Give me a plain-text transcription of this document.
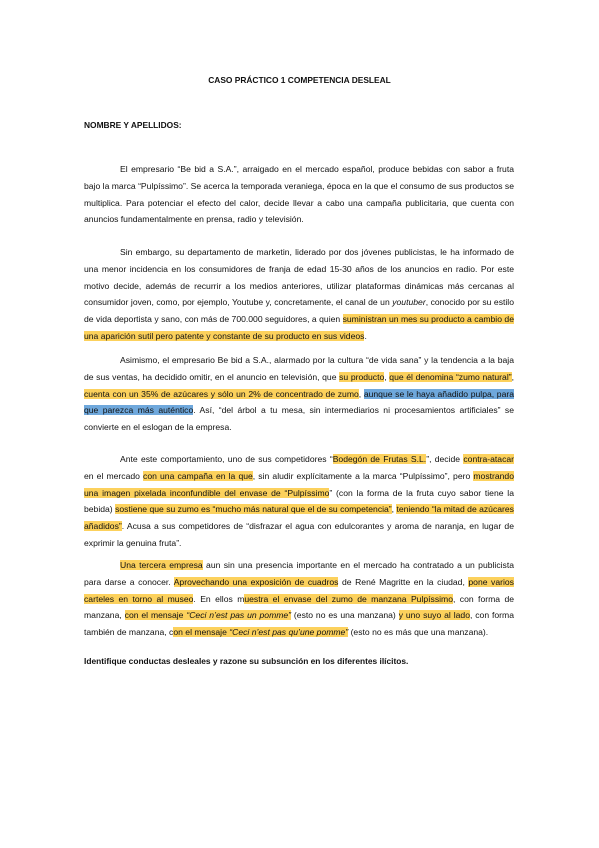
CASO PRÁCTICO 1 COMPETENCIA DESLEAL
NOMBRE Y APELLIDOS:

El empresario “Be bid a S.A.”, arraigado en el mercado español, produce bebidas con sabor a fruta bajo la marca “Pulpíssimo”. Se acerca la temporada veraniega, época en la que el consumo de sus productos se multiplica. Para potenciar el efecto del calor, decide llevar a cabo una campaña publicitaria, que cuenta con anuncios fundamentalmente en prensa, radio y televisión.

Sin embargo, su departamento de marketin, liderado por dos jóvenes publicistas, le ha informado de una menor incidencia en los consumidores de franja de edad 15-30 años de los anuncios en radio. Por este motivo decide, además de recurrir a los medios anteriores, utilizar plataformas dinámicas más cercanas al consumidor joven, como, por ejemplo, Youtube y, concretamente, el canal de un youtuber, conocido por su estilo de vida deportista y sano, con más de 700.000 seguidores, a quien suministran un mes su producto a cambio de una aparición sutil pero patente y constante de su producto en sus videos.

Asimismo, el empresario Be bid a S.A., alarmado por la cultura “de vida sana” y la tendencia a la baja de sus ventas, ha decidido omitir, en el anuncio en televisión, que su producto, que él denomina “zumo natural”, cuenta con un 35% de azúcares y sólo un 2% de concentrado de zumo, aunque se le haya añadido pulpa, para que parezca más auténtico. Así, “del árbol a tu mesa, sin intermediarios ni procesamientos artificiales” se convierte en el eslogan de la empresa.

Ante este comportamiento, uno de sus competidores “Bodegón de Frutas S.L.”, decide contra-atacar en el mercado con una campaña en la que, sin aludir explícitamente a la marca “Pulpíssimo”, pero mostrando una imagen pixelada inconfundible del envase de “Pulpíssimo” (con la forma de la fruta cuyo sabor tiene la bebida) sostiene que su zumo es “mucho más natural que el de su competencia”, teniendo “la mitad de azúcares añadidos”. Acusa a sus competidores de “disfrazar el agua con edulcorantes y aroma de naranja, en lugar de exprimir la genuina fruta”.

Una tercera empresa aun sin una presencia importante en el mercado ha contratado a un publicista para darse a conocer. Aprovechando una exposición de cuadros de René Magritte en la ciudad, pone varios carteles en torno al museo. En ellos muestra el envase del zumo de manzana Pulpíssimo, con forma de manzana, con el mensaje “Ceci n’est pas un pomme” (esto no es una manzana) y uno suyo al lado, con forma también de manzana, con el mensaje “Ceci n’est pas qu’une pomme” (esto no es más que una manzana).

Identifique conductas desleales y razone su subsunción en los diferentes ilícitos.
